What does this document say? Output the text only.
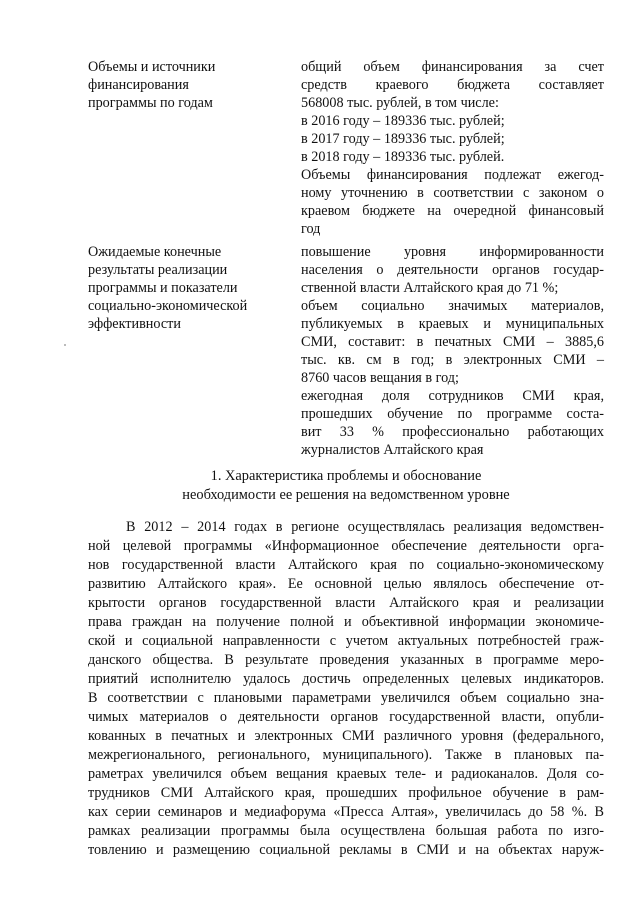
Объемы и источники
финансирования
программы по годам
общий объем финансирования за счет
средств краевого бюджета составляет
568008 тыс. рублей, в том числе:
в 2016 году – 189336 тыс. рублей;
в 2017 году – 189336 тыс. рублей;
в 2018 году – 189336 тыс. рублей.
Объемы финансирования подлежат ежегод-
ному уточнению в соответствии с законом о
краевом бюджете на очередной финансовый
год
Ожидаемые конечные
результаты реализации
программы и показатели
социально-экономической
эффективности
повышение уровня информированности
населения о деятельности органов государ-
ственной власти Алтайского края до 71 %;
объем социально значимых материалов,
публикуемых в краевых и муниципальных
СМИ, составит: в печатных СМИ – 3885,6
тыс. кв. см в год; в электронных СМИ –
8760 часов вещания в год;
ежегодная доля сотрудников СМИ края,
прошедших обучение по программе соста-
вит 33 % профессионально работающих
журналистов Алтайского края
1. Характеристика проблемы и обоснование
необходимости ее решения на ведомственном уровне
В 2012 – 2014 годах в регионе осуществлялась реализация ведомствен-
ной целевой программы «Информационное обеспечение деятельности орга-
нов государственной власти Алтайского края по социально-экономическому
развитию Алтайского края». Ее основной целью являлось обеспечение от-
крытости органов государственной власти Алтайского края и реализации
права граждан на получение полной и объективной информации экономиче-
ской и социальной направленности с учетом актуальных потребностей граж-
данского общества. В результате проведения указанных в программе меро-
приятий исполнителю удалось достичь определенных целевых индикаторов.
В соответствии с плановыми параметрами увеличился объем социально зна-
чимых материалов о деятельности органов государственной власти, опубли-
кованных в печатных и электронных СМИ различного уровня (федерального,
межрегионального, регионального, муниципального). Также в плановых па-
раметрах увеличился объем вещания краевых теле- и радиоканалов. Доля со-
трудников СМИ Алтайского края, прошедших профильное обучение в рам-
ках серии семинаров и медиафорума «Пресса Алтая», увеличилась до 58 %. В
рамках реализации программы была осуществлена большая работа по изго-
товлению и размещению социальной рекламы в СМИ и на объектах наруж-
